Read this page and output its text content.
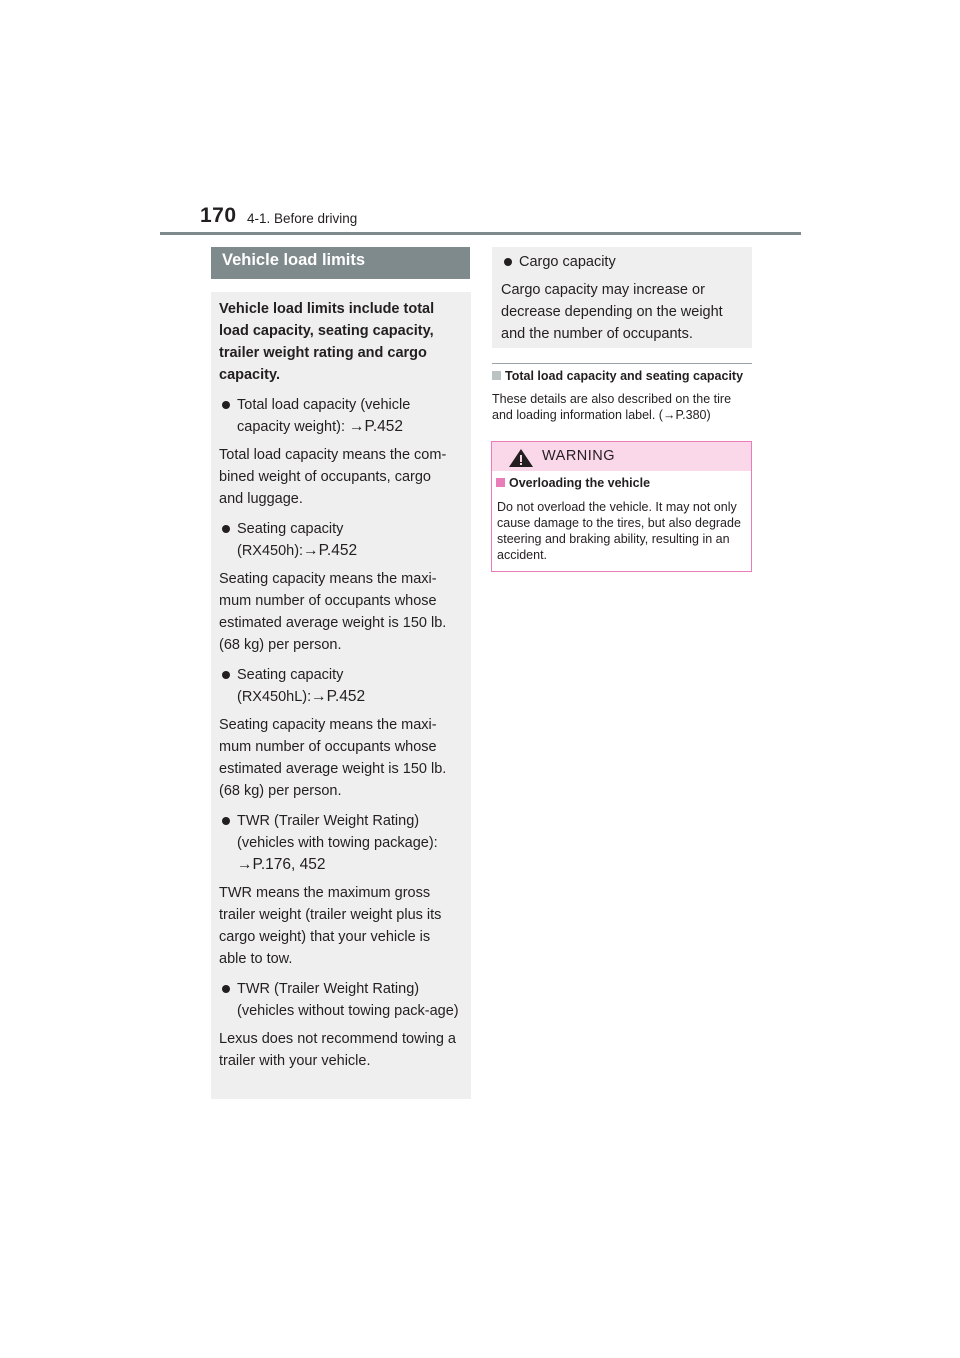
170 4-1. Before driving
Vehicle load limits

Vehicle load limits include total load capacity, seating capacity, trailer weight rating and cargo capacity.

Total load capacity (vehicle capacity weight): →P.452

Total load capacity means the com-bined weight of occupants, cargo and luggage.

Seating capacity (RX450h):→P.452

Seating capacity means the maxi-mum number of occupants whose estimated average weight is 150 lb. (68 kg) per person.

Seating capacity (RX450hL):→P.452

Seating capacity means the maxi-mum number of occupants whose estimated average weight is 150 lb. (68 kg) per person.

TWR (Trailer Weight Rating) (vehicles with towing package):
→P.176, 452

TWR means the maximum gross trailer weight (trailer weight plus its cargo weight) that your vehicle is able to tow.

TWR (Trailer Weight Rating) (vehicles without towing pack-age)

Lexus does not recommend towing a trailer with your vehicle.

Cargo capacity

Cargo capacity may increase or decrease depending on the weight and the number of occupants.

Total load capacity and seating capacity

These details are also described on the tire and loading information label. (→P.380)

WARNING
Overloading the vehicle

Do not overload the vehicle. It may not only cause damage to the tires, but also degrade steering and braking ability, resulting in an accident.
